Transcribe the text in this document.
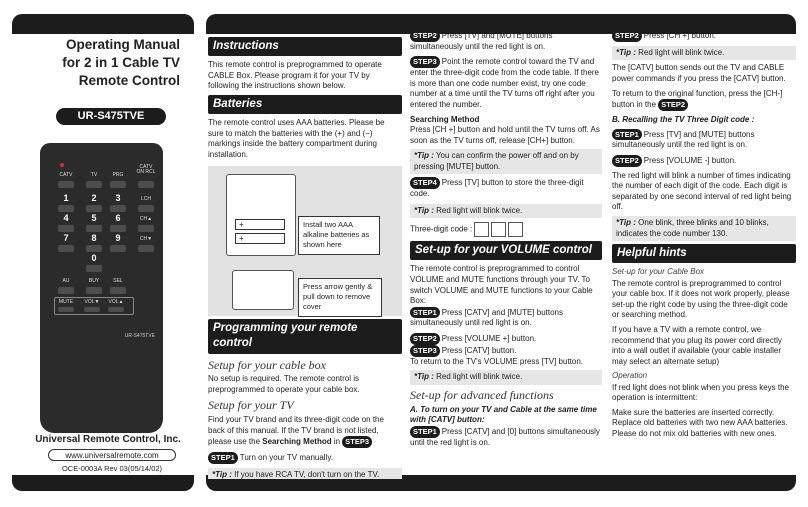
Operating Manual
for 2 in 1 Cable TV
Remote Control
UR-S475TVE
Universal Remote Control, Inc.
www.universalremote.com
OCE-0003A Rev 03(05/14/02)
CATV	TV	PRG
CATV ON RCL
1	2	3	LCH
4	5	6	CH▲
7	8	9	CH▼
0
AU	BUY	SEL
MUTE	VOL▼	VOL▲
UR-S475TVE
Instructions

This remote control is preprogrammed to operate CABLE Box. Please program it for your TV by following the instructions shown below.

Batteries

The remote control uses AAA batteries. Please be sure to match the batteries with the (+) and (−) markings inside the battery compartment during installation.

+
+
Install two AAA alkaline batteries as shown here
Press arrow gently & pull down to remove cover
Programming your remote control
Setup for your cable box

No setup is required. The remote control is preprogrammed to operate your cable box.

Setup for your TV

Find your TV brand and its three-digit code on the back of this manual. If the TV brand is not listed, please use the Searching Method in STEP3

STEP1 Turn on your TV manually.

*Tip : If you have RCA TV, don't turn on the TV.

STEP2 Press [TV] and [MUTE] buttons simultaneously until the red light is on.

STEP3 Point the remote control toward the TV and enter the three-digit code from the code table. If there is more than one code number exist, try one code number at a time until the TV turns off right after you entered the number.

Searching Method

Press [CH +] button and hold until the TV turns off. As soon as the TV turns off, release [CH+] button.

*Tip : You can confirm the power off and on by pressing [MUTE] button.

STEP4 Press [TV] button to store the three-digit code.

*Tip : Red light will blink twice.

Three-digit code :

Set-up for your VOLUME control

The remote control is preprogrammed to control VOLUME and MUTE functions through your TV. To switch VOLUME and MUTE functions to your Cable Box:

STEP1 Press [CATV] and [MUTE] buttons simultaneously until red light is on.

STEP2 Press [VOLUME +] button.

STEP3 Press [CATV] button.

To return to the TV's VOLUME press [TV] button.

*Tip : Red light will blink twice.
Set-up for advanced functions

A. To turn on your TV and Cable at the same time with [CATV] button:

STEP1 Press [CATV] and [0] buttons simultaneously until the red light is on.

STEP2 Press [CH +] button.

*Tip : Red light will blink twice.

The [CATV] button sends out the TV and CABLE power commands if you press the [CATV] button.

To return to the original function, press the [CH-] button in the STEP2

B. Recalling the TV Three Digit code :

STEP1 Press [TV] and [MUTE] buttons simultaneously until the red light is on.

STEP2 Press [VOLUME -] button.

The red light will blink a number of times indicating the number of each digit of the code. Each digit is separated by one second interval of red light being off.

*Tip : One blink, three blinks and 10 blinks, indicates the code number 130.
Helpful hints
Set-up for your Cable Box

The remote control is preprogrammed to control your cable box. If it does not work properly, please set-up the right code by using the three-digit code or searching method.

If you have a TV with a remote control, we recommend that you plug its power cord directly into a wall outlet if available (your cable installer may select an alternate setup)

Operation

If red light does not blink when you press keys the operation is intermittent:

Make sure the batteries are inserted correctly. Replace old batteries with two new AAA batteries. Please do not mix old batteries with new ones.
